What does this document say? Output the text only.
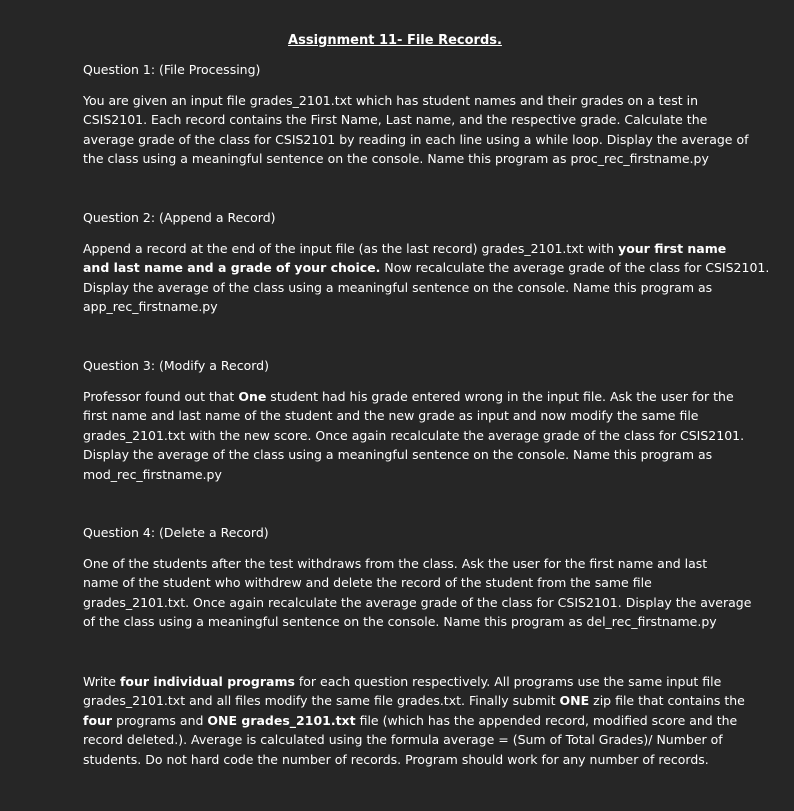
Assignment 11- File Records.
Question 1: (File Processing)
You are given an input file grades_2101.txt which has student names and their grades on a test in
CSIS2101. Each record contains the First Name, Last name, and the respective grade. Calculate the
average grade of the class for CSIS2101 by reading in each line using a while loop. Display the average of
the class using a meaningful sentence on the console. Name this program as proc_rec_firstname.py
Question 2: (Append a Record)
Append a record at the end of the input file (as the last record) grades_2101.txt with your first name
and last name and a grade of your choice. Now recalculate the average grade of the class for CSIS2101.
Display the average of the class using a meaningful sentence on the console. Name this program as
app_rec_firstname.py
Question 3: (Modify a Record)
Professor found out that One student had his grade entered wrong in the input file. Ask the user for the
first name and last name of the student and the new grade as input and now modify the same file
grades_2101.txt with the new score. Once again recalculate the average grade of the class for CSIS2101.
Display the average of the class using a meaningful sentence on the console. Name this program as
mod_rec_firstname.py
Question 4: (Delete a Record)
One of the students after the test withdraws from the class. Ask the user for the first name and last
name of the student who withdrew and delete the record of the student from the same file
grades_2101.txt. Once again recalculate the average grade of the class for CSIS2101. Display the average
of the class using a meaningful sentence on the console. Name this program as del_rec_firstname.py
Write four individual programs for each question respectively. All programs use the same input file
grades_2101.txt and all files modify the same file grades.txt. Finally submit ONE zip file that contains the
four programs and ONE grades_2101.txt file (which has the appended record, modified score and the
record deleted.). Average is calculated using the formula average = (Sum of Total Grades)/ Number of
students. Do not hard code the number of records. Program should work for any number of records.
